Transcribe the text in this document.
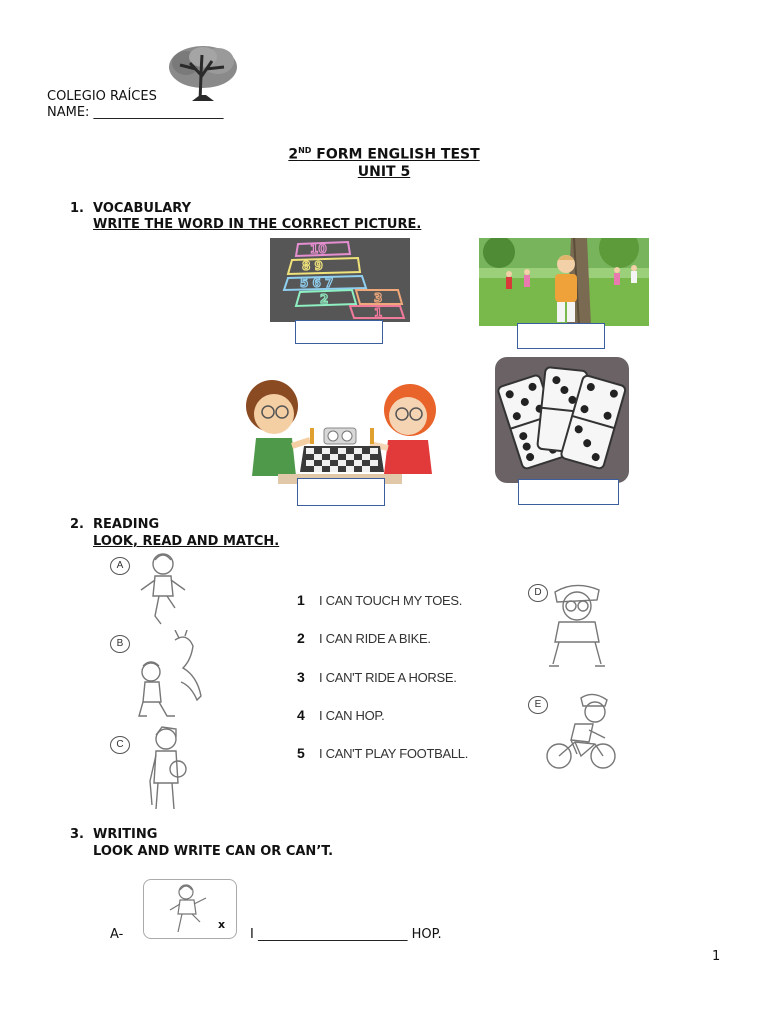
COLEGIO RAÍCES
NAME: ____________________
2ND FORM ENGLISH TEST
UNIT 5
1. VOCABULARY
WRITE THE WORD IN THE CORRECT PICTURE.
10
8 9
5 6 7
2	3
1
2. READING
LOOK, READ AND MATCH.
A
B
C
D
E
1 I CAN TOUCH MY TOES.
2 I CAN RIDE A BIKE.
3 I CAN'T RIDE A HORSE.
4 I CAN HOP.
5 I CAN'T PLAY FOOTBALL.
3. WRITING
LOOK AND WRITE CAN OR CAN’T.
A-
x
I _______________________ HOP.
1
